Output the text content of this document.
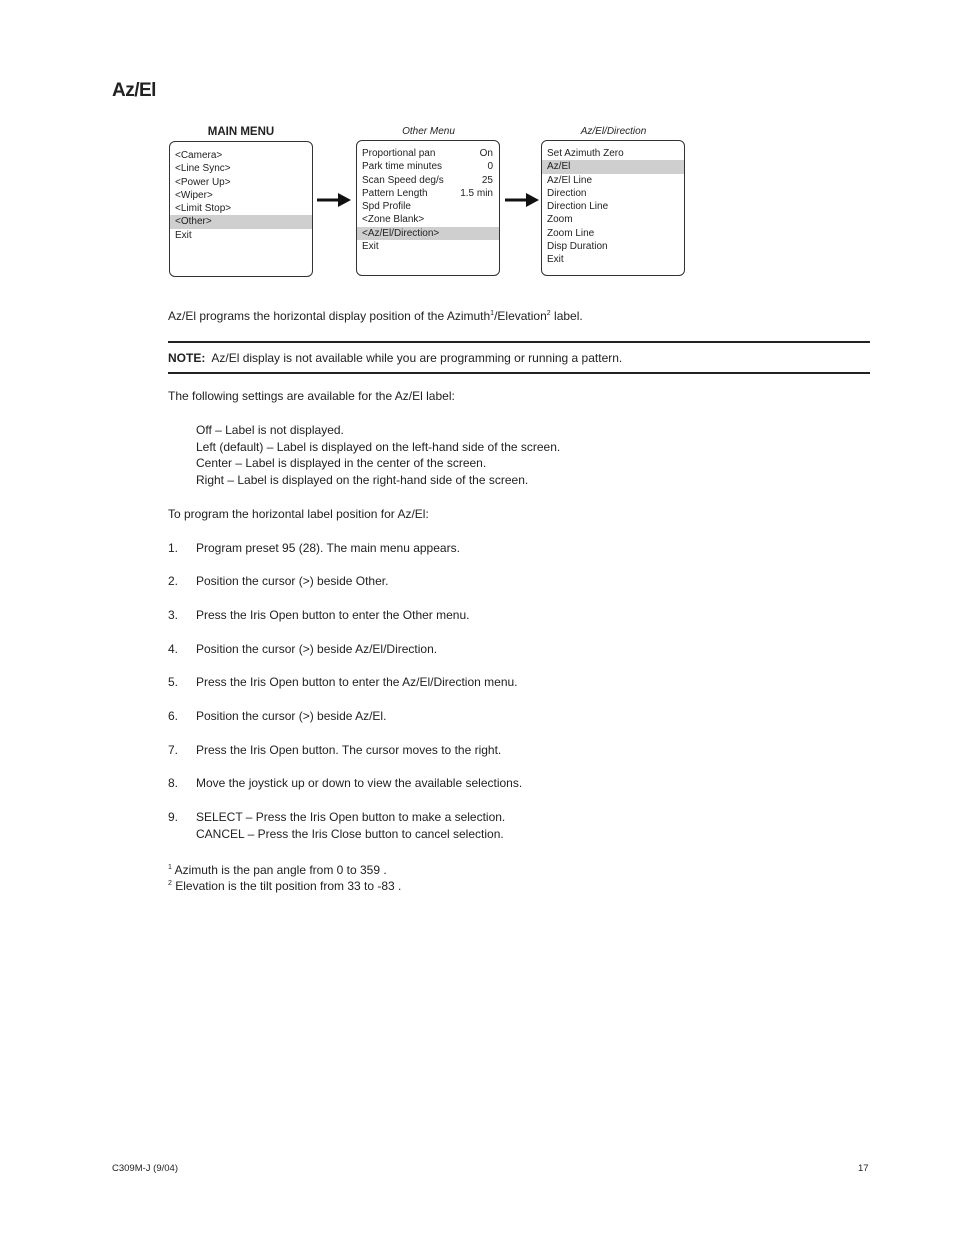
Az/El
MAIN MENU
<Camera>
<Line Sync>
<Power Up>
<Wiper>
<Limit Stop>
<Other>
Exit
Other Menu
Proportional pan	On
Park time minutes	0
Scan Speed deg/s	25
Pattern Length	1.5 min
Spd Profile
<Zone Blank>
<Az/El/Direction>
Exit
Az/El/Direction
Set Azimuth Zero
Az/El
Az/El Line
Direction
Direction Line
Zoom
Zoom Line
Disp Duration
Exit
Az/El programs the horizontal display position of the Azimuth$^1$/Elevation$^2$ label.
NOTE: Az/El display is not available while you are programming or running a pattern.
The following settings are available for the Az/El label:
Off – Label is not displayed.
Left (default) – Label is displayed on the left-hand side of the screen.
Center – Label is displayed in the center of the screen.
Right – Label is displayed on the right-hand side of the screen.
To program the horizontal label position for Az/El:
1.	Program preset 95 (28). The main menu appears.
2.	Position the cursor (>) beside Other.
3.	Press the Iris Open button to enter the Other menu.
4.	Position the cursor (>) beside Az/El/Direction.
5.	Press the Iris Open button to enter the Az/El/Direction menu.
6.	Position the cursor (>) beside Az/El.
7.	Press the Iris Open button. The cursor moves to the right.
8.	Move the joystick up or down to view the available selections.
9.	SELECT – Press the Iris Open button to make a selection.
CANCEL – Press the Iris Close button to cancel selection.
$^1$ Azimuth is the pan angle from 0 to 359 .
$^2$ Elevation is the tilt position from 33 to -83 .
C309M-J (9/04)	17
